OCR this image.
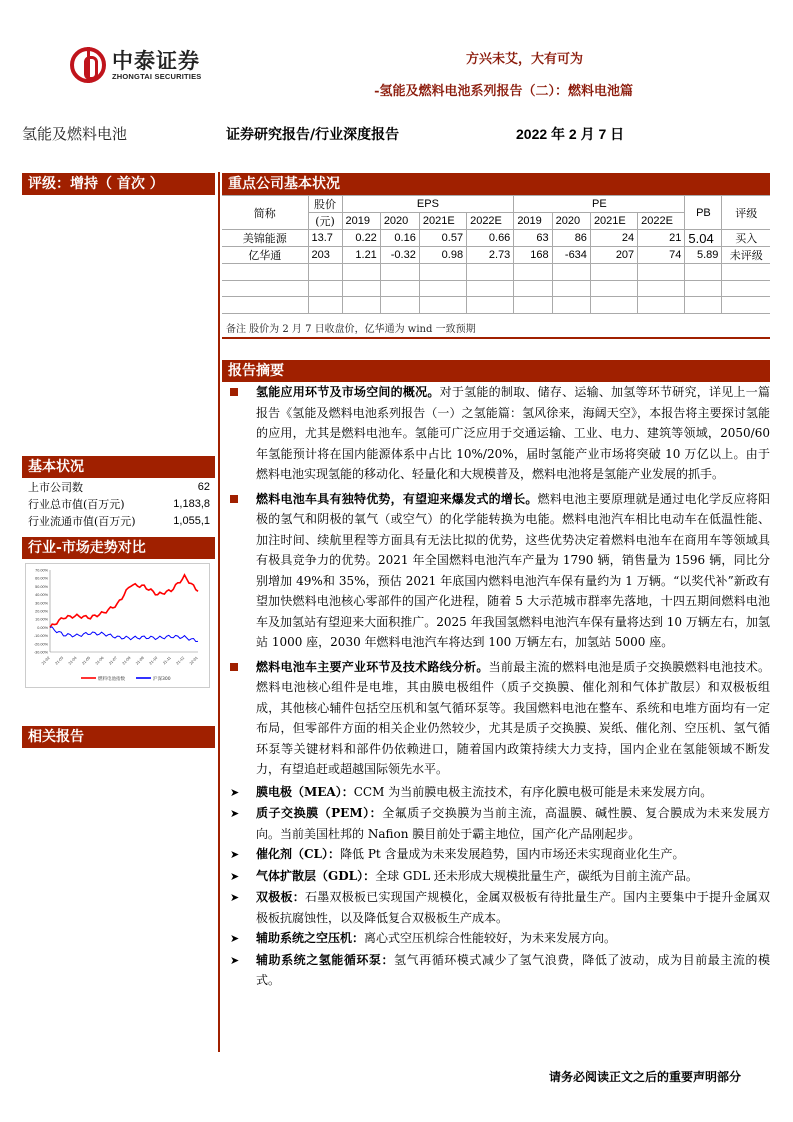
中泰证券
ZHONGTAI SECURITIES
方兴未艾，大有可为
-氢能及燃料电池系列报告（二）：燃料电池篇
氢能及燃料电池	证券研究报告/行业深度报告	2022 年 2 月 7 日
评级：增持（ 首次 ）
基本状况
上市公司数	62
行业总市值(百万元)	1,183,8
行业流通市值(百万元)	1,055,1
行业-市场走势对比
70.00%
60.00%
50.00%
40.00%
30.00%
20.00%
10.00%
0.00%
-10.00%
-20.00%
-30.00%
21-02 21-03 21-04 21-05 21-06 21-07 21-08 21-09 21-10 21-11 21-12 22-01
燃料电池指数	沪深300
相关报告
重点公司基本状况
简称	股价	EPS				PE				PB	评级
	(元)	2019	2020	2021E	2022E	2019	2020	2021E	2022E		
美锦能源	13.7	0.22	0.16	0.57	0.66	63	86	24	21	5.04	买入
亿华通	203	1.21	-0.32	0.98	2.73	168	-634	207	74	5.89	未评级

备注 股价为 2 月 7 日收盘价，亿华通为 wind 一致预期
报告摘要
氢能应用环节及市场空间的概况。对于氢能的制取、储存、运输、加氢等环节研究，详见上一篇报告《氢能及燃料电池系列报告（一）之氢能篇：氢风徐来，海阔天空》，本报告将主要探讨氢能的应用，尤其是燃料电池车。氢能可广泛应用于交通运输、工业、电力、建筑等领域，2050/60 年氢能预计将在国内能源体系中占比 10%/20%，届时氢能产业市场将突破 10 万亿以上。由于燃料电池实现氢能的移动化、轻量化和大规模普及，燃料电池将是氢能产业发展的抓手。
燃料电池车具有独特优势，有望迎来爆发式的增长。燃料电池主要原理就是通过电化学反应将阳极的氢气和阴极的氧气（或空气）的化学能转换为电能。燃料电池汽车相比电动车在低温性能、加注时间、续航里程等方面具有无法比拟的优势，这些优势决定着燃料电池车在商用车等领域具有极具竞争力的优势。2021 年全国燃料电池汽车产量为 1790 辆，销售量为 1596 辆，同比分别增加 49%和 35%，预估 2021 年底国内燃料电池汽车保有量约为 1 万辆。“以奖代补”新政有望加快燃料电池核心零部件的国产化进程，随着 5 大示范城市群率先落地，十四五期间燃料电池车及加氢站有望迎来大面积推广。2025 年我国氢燃料电池汽车保有量将达到 10 万辆左右，加氢站 1000 座，2030 年燃料电池汽车将达到 100 万辆左右，加氢站 5000 座。
燃料电池车主要产业环节及技术路线分析。当前最主流的燃料电池是质子交换膜燃料电池技术。燃料电池核心组件是电堆，其由膜电极组件（质子交换膜、催化剂和气体扩散层）和双极板组成，其他核心辅件包括空压机和氢气循环泵等。我国燃料电池在整车、系统和电堆方面均有一定布局，但零部件方面的相关企业仍然较少，尤其是质子交换膜、炭纸、催化剂、空压机、氢气循环泵等关键材料和部件仍依赖进口，随着国内政策持续大力支持，国内企业在氢能领域不断发力，有望追赶或超越国际领先水平。
➤	膜电极（MEA）：CCM 为当前膜电极主流技术，有序化膜电极可能是未来发展方向。
➤	质子交换膜（PEM）：全氟质子交换膜为当前主流，高温膜、碱性膜、复合膜成为未来发展方向。当前美国杜邦的 Nafion 膜目前处于霸主地位，国产化产品刚起步。
➤	催化剂（CL）：降低 Pt 含量成为未来发展趋势，国内市场还未实现商业化生产。
➤	气体扩散层（GDL）：全球 GDL 还未形成大规模批量生产，碳纸为目前主流产品。
➤	双极板：石墨双极板已实现国产规模化，金属双极板有待批量生产。国内主要集中于提升金属双极板抗腐蚀性，以及降低复合双极板生产成本。
➤	辅助系统之空压机：离心式空压机综合性能较好，为未来发展方向。
➤	辅助系统之氢能循环泵：氢气再循环模式减少了氢气浪费，降低了波动，成为目前最主流的模式。
请务必阅读正文之后的重要声明部分
